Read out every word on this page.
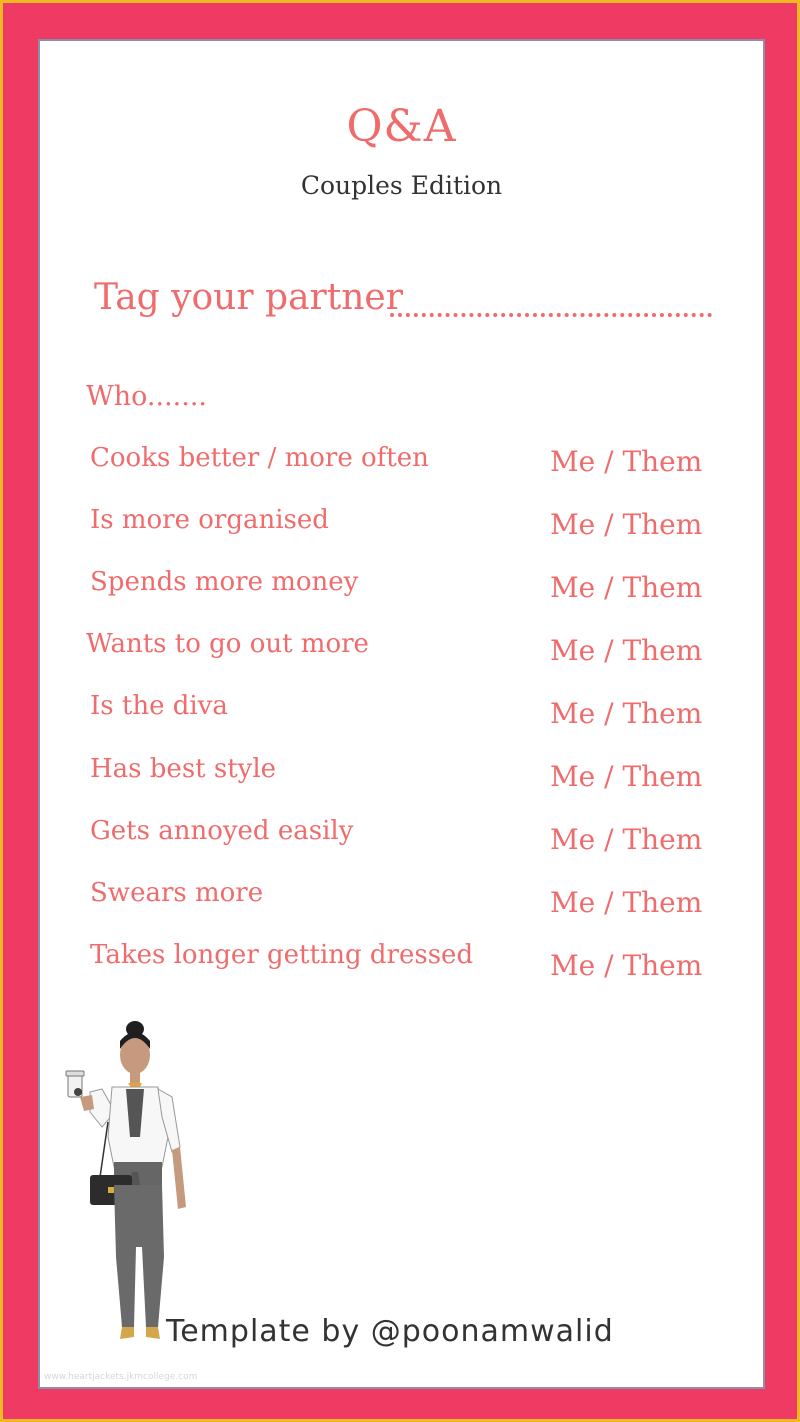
Q&A
Couples Edition
Tag your partner
Who.......
Cooks better / more often	Me / Them
Is more organised	Me / Them
Spends more money	Me / Them
Wants to go out more	Me / Them
Is the diva	Me / Them
Has best style	Me / Them
Gets annoyed easily	Me / Them
Swears more	Me / Them
Takes longer getting dressed	Me / Them
Template by @poonamwalid
www.heartjackets.jkmcollege.com
